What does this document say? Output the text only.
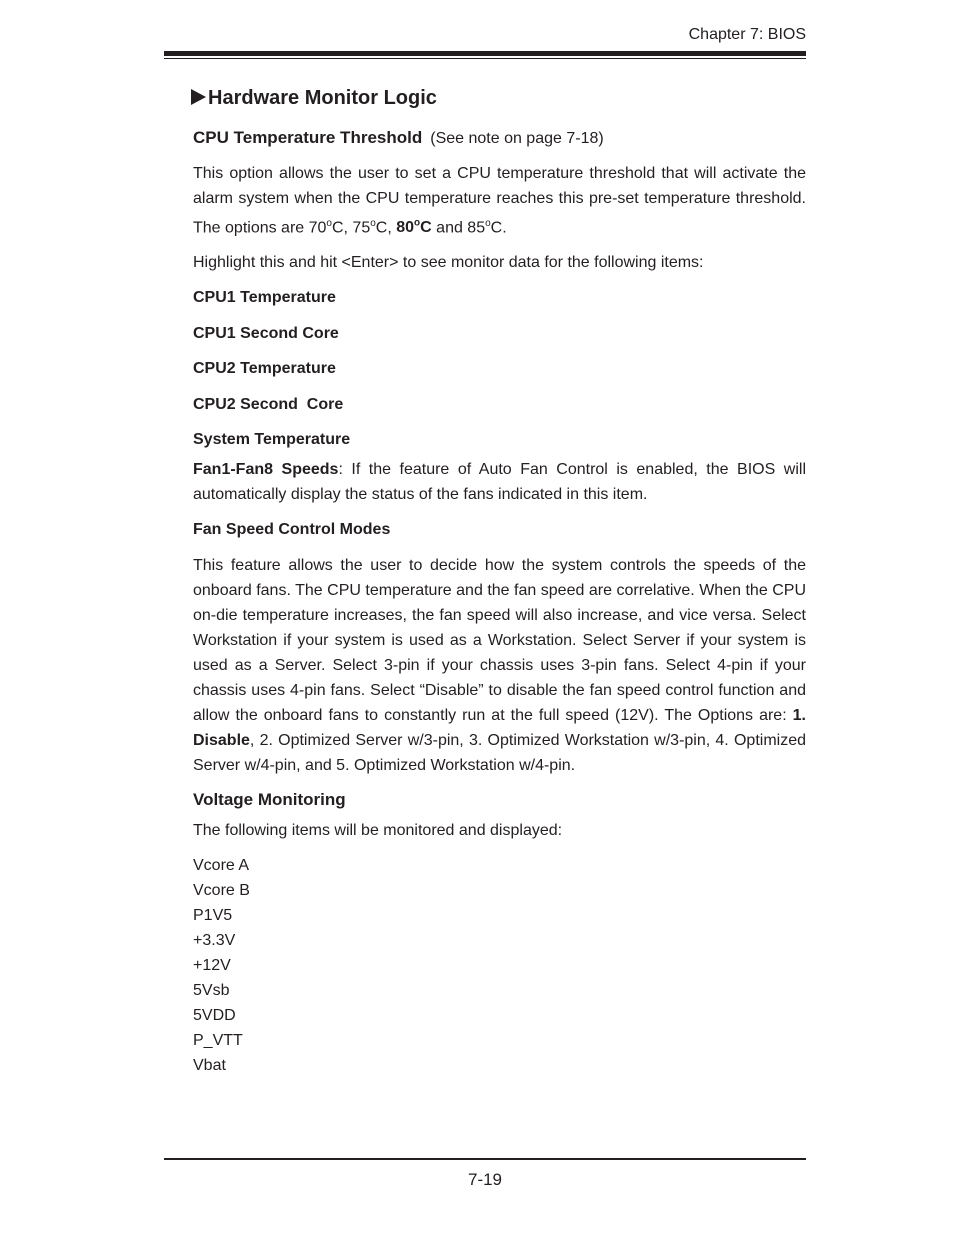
Chapter 7: BIOS
Hardware Monitor Logic
CPU Temperature Threshold (See note on page 7-18)

This option allows the user to set a CPU temperature threshold that will activate the alarm system when the CPU temperature reaches this pre-set temperature threshold. The options are 70$^o$C, 75$^o$C, 80$^o$C and 85$^o$C.

Highlight this and hit <Enter> to see monitor data for the following items:

CPU1 Temperature
CPU1 Second Core
CPU2 Temperature
CPU2 Second  Core
System Temperature

Fan1-Fan8 Speeds: If the feature of Auto Fan Control is enabled, the BIOS will automatically display the status of the fans indicated in this item.

Fan Speed Control Modes

This feature allows the user to decide how the system controls the speeds of the onboard fans. The CPU temperature and the fan speed are correlative. When the CPU on-die temperature increases, the fan speed will also increase, and vice versa. Select Workstation if your system is used as a Workstation. Select Server if your system is used as a Server. Select 3-pin if your chassis uses 3-pin fans. Select 4-pin if your chassis uses 4-pin fans. Select “Disable” to disable the fan speed control function and allow the onboard fans to constantly run at the full speed (12V). The Options are: 1. Disable, 2. Optimized Server w/3-pin, 3. Optimized Workstation w/3-pin, 4. Optimized Server w/4-pin, and 5. Optimized Workstation w/4-pin.

Voltage Monitoring

The following items will be monitored and displayed:

Vcore A
Vcore B
P1V5
+3.3V
+12V
5Vsb
5VDD
P_VTT
Vbat
7-19
